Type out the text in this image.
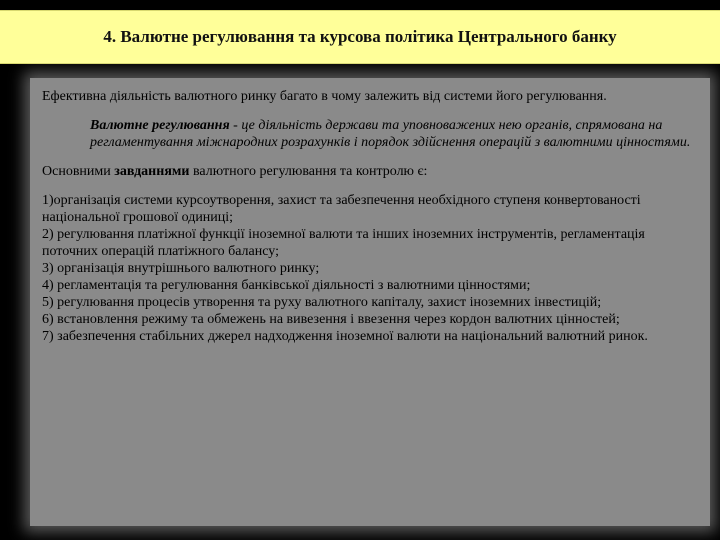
4. Валютне регулювання та курсова політика Центрального банку

Ефективна діяльність валютного ринку багато в чому залежить від системи його регулювання.

Валютне регулювання - це діяльність держави та уповноважених нею органів, спрямована на регламентування міжнародних розрахунків і порядок здійснення операцій з валютними цінностями.

Основними завданнями валютного регулювання та контролю є:

1)організація системи курсоутворення, захист та забезпечення необхідного ступеня конвертованості національної грошової одиниці;
2) регулювання платіжної функції іноземної валюти та інших іноземних інструментів, регламентація поточних операцій платіжного балансу;
3) організація внутрішнього валютного ринку;
4) регламентація та регулювання банківської діяльності з валютними цінностями;
5) регулювання процесів утворення та руху валютного капіталу, захист іноземних інвестицій;
6) встановлення режиму та обмежень на вивезення і ввезення через кордон валютних цінностей;
7) забезпечення стабільних джерел надходження іноземної валюти на національний валютний ринок.
